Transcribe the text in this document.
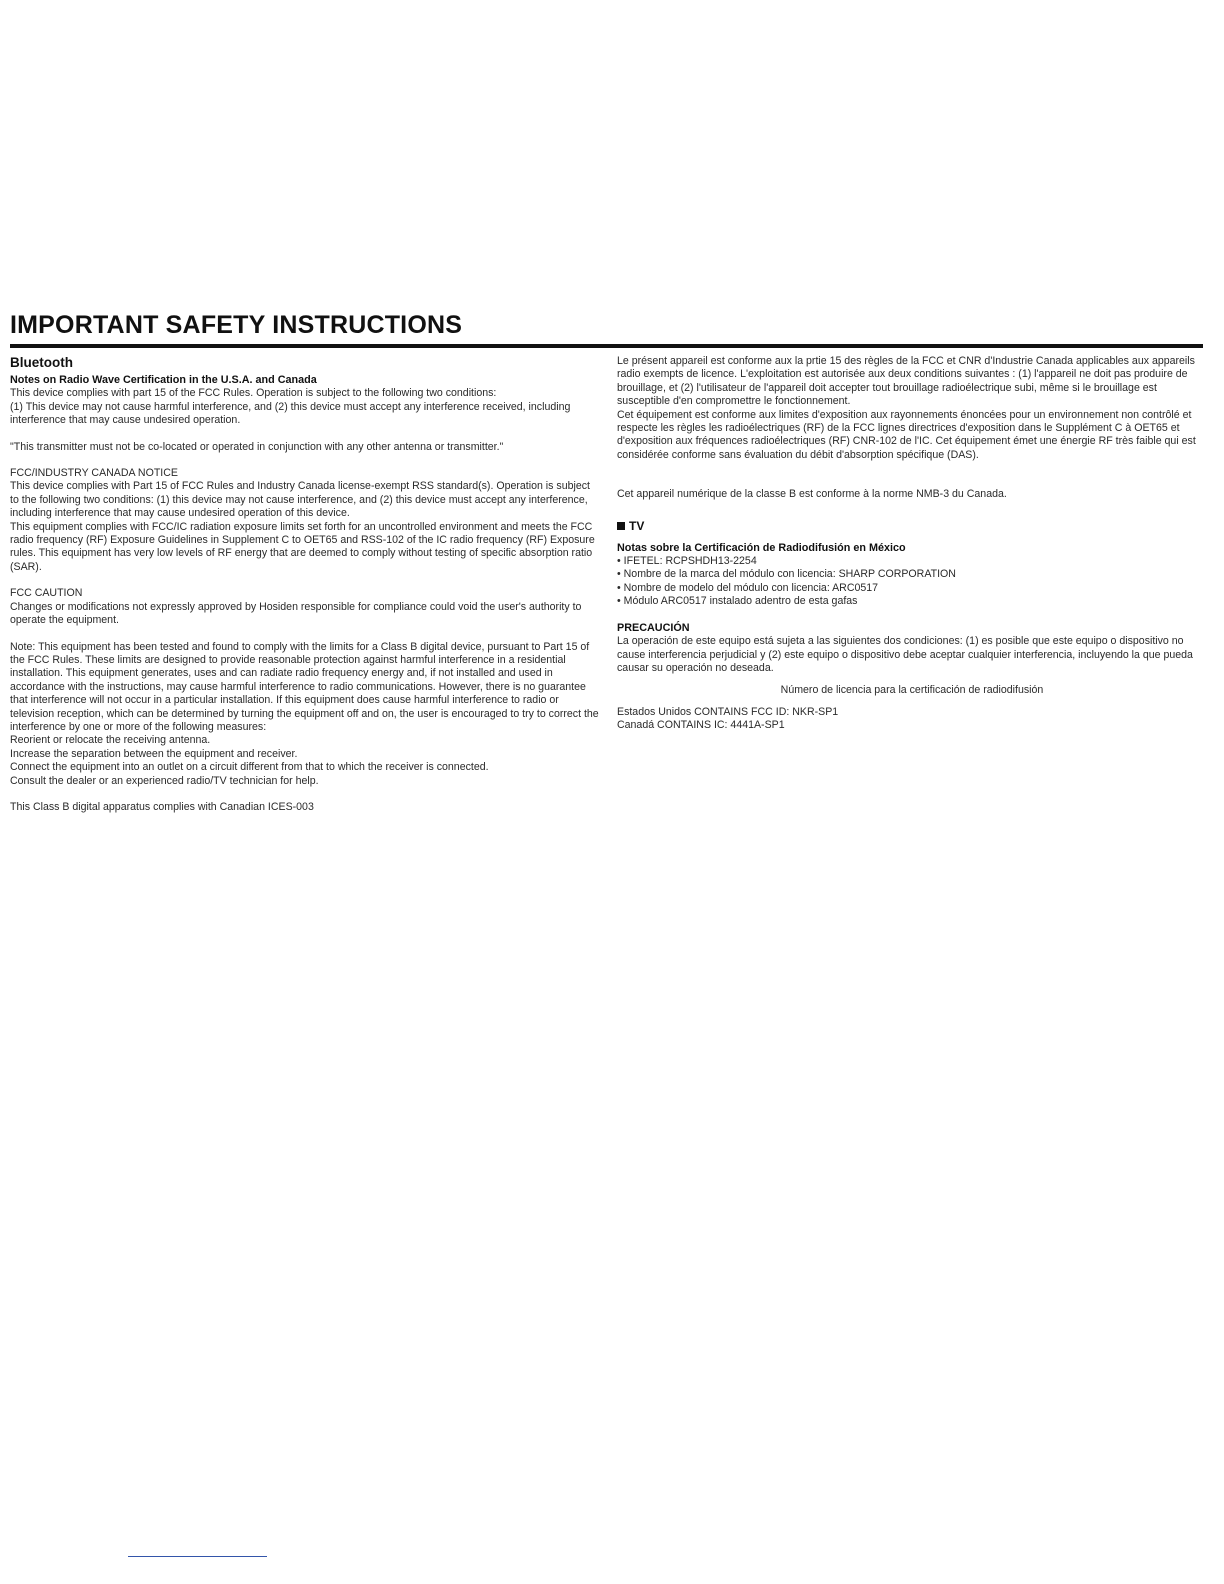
IMPORTANT SAFETY INSTRUCTIONS
Bluetooth
Notes on Radio Wave Certification in the U.S.A. and Canada

This device complies with part 15 of the FCC Rules. Operation is subject to the following two conditions:

(1) This device may not cause harmful interference, and (2) this device must accept any interference received, including interference that may cause undesired operation.

"This transmitter must not be co-located or operated in conjunction with any other antenna or transmitter."

FCC/INDUSTRY CANADA NOTICE

This device complies with Part 15 of FCC Rules and Industry Canada license-exempt RSS standard(s). Operation is subject to the following two conditions: (1) this device may not cause interference, and (2) this device must accept any interference, including interference that may cause undesired operation of this device.

This equipment complies with FCC/IC radiation exposure limits set forth for an uncontrolled environment and meets the FCC radio frequency (RF) Exposure Guidelines in Supplement C to OET65 and RSS-102 of the IC radio frequency (RF) Exposure rules. This equipment has very low levels of RF energy that are deemed to comply without testing of specific absorption ratio (SAR).

FCC CAUTION

Changes or modifications not expressly approved by Hosiden responsible for compliance could void the user's authority to operate the equipment.

Note: This equipment has been tested and found to comply with the limits for a Class B digital device, pursuant to Part 15 of the FCC Rules. These limits are designed to provide reasonable protection against harmful interference in a residential installation. This equipment generates, uses and can radiate radio frequency energy and, if not installed and used in accordance with the instructions, may cause harmful interference to radio communications. However, there is no guarantee that interference will not occur in a particular installation. If this equipment does cause harmful interference to radio or television reception, which can be determined by turning the equipment off and on, the user is encouraged to try to correct the interference by one or more of the following measures:

Reorient or relocate the receiving antenna.

Increase the separation between the equipment and receiver.

Connect the equipment into an outlet on a circuit different from that to which the receiver is connected.

Consult the dealer or an experienced radio/TV technician for help.

This Class B digital apparatus complies with Canadian ICES-003

Le présent appareil est conforme aux la prtie 15 des règles de la FCC et CNR d'Industrie Canada applicables aux appareils radio exempts de licence. L'exploitation est autorisée aux deux conditions suivantes : (1) l'appareil ne doit pas produire de brouillage, et (2) l'utilisateur de l'appareil doit accepter tout brouillage radioélectrique subi, même si le brouillage est susceptible d'en compromettre le fonctionnement.

Cet équipement est conforme aux limites d'exposition aux rayonnements énoncées pour un environnement non contrôlé et respecte les règles les radioélectriques (RF) de la FCC lignes directrices d'exposition dans le Supplément C à OET65 et d'exposition aux fréquences radioélectriques (RF) CNR-102 de l'IC. Cet équipement émet une énergie RF très faible qui est considérée conforme sans évaluation du débit d'absorption spécifique (DAS).

Cet appareil numérique de la classe B est conforme à la norme NMB-3 du Canada.

TV
Notas sobre la Certificación de Radiodifusión en México
• IFETEL: RCPSHDH13-2254
• Nombre de la marca del módulo con licencia: SHARP CORPORATION
• Nombre de modelo del módulo con licencia: ARC0517
• Módulo ARC0517 instalado adentro de esta gafas
PRECAUCIÓN

La operación de este equipo está sujeta a las siguientes dos condiciones: (1) es posible que este equipo o dispositivo no cause interferencia perjudicial y (2) este equipo o dispositivo debe aceptar cualquier interferencia, incluyendo la que pueda causar su operación no deseada.

Número de licencia para la certificación de radiodifusión

Estados Unidos CONTAINS FCC ID: NKR-SP1

Canadá CONTAINS IC: 4441A-SP1
